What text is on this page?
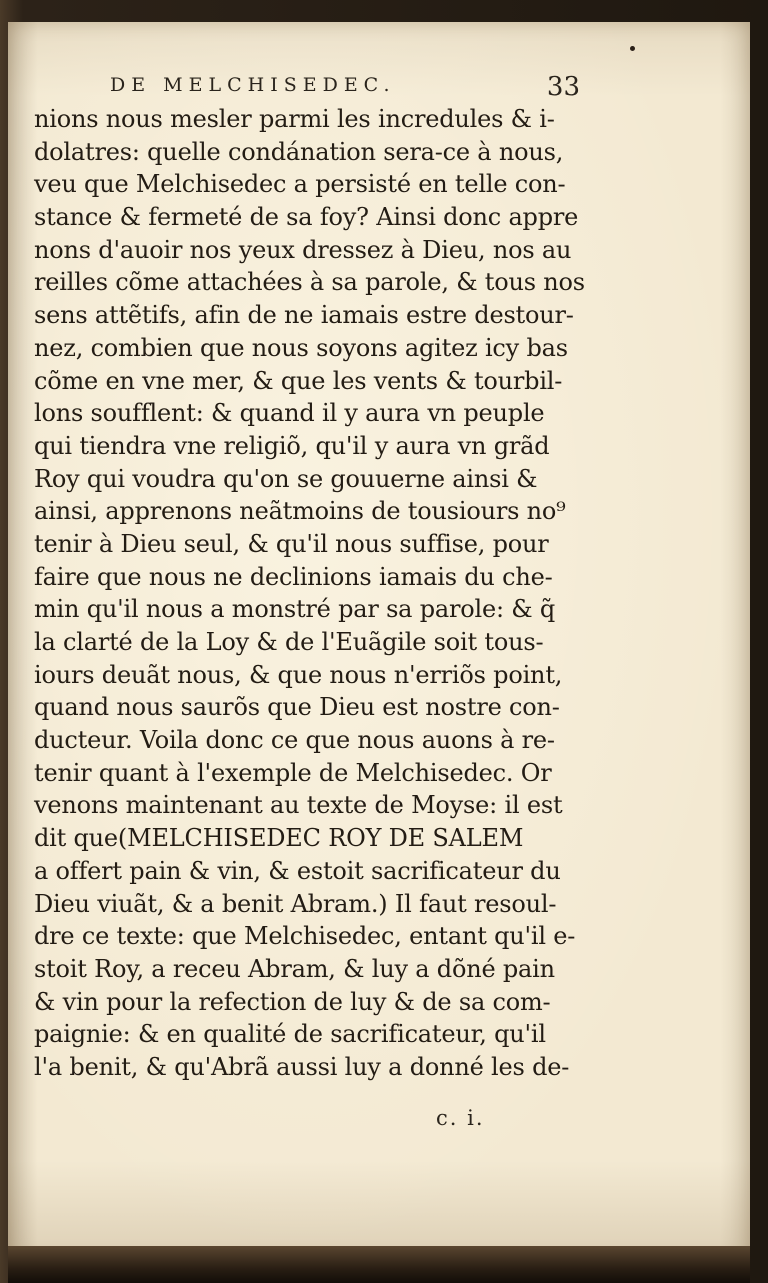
DE MELCHISEDEC.	33
nions nous mesler parmi les incredules & i-
dolatres: quelle condánation sera-ce à nous,
veu que Melchisedec a persisté en telle con-
stance & fermeté de sa foy? Ainsi donc appre
nons d'auoir nos yeux dressez à Dieu, nos au
reilles cõme attachées à sa parole, & tous nos
sens attẽtifs, afin de ne iamais estre destour-
nez, combien que nous soyons agitez icy bas
cõme en vne mer, & que les vents & tourbil-
lons soufflent: & quand il y aura vn peuple
qui tiendra vne religiõ, qu'il y aura vn grãd
Roy qui voudra qu'on se gouuerne ainsi &
ainsi, apprenons neãtmoins de tousiours no⁹
tenir à Dieu seul, & qu'il nous suffise, pour
faire que nous ne declinions iamais du che-
min qu'il nous a monstré par sa parole: & q̃
la clarté de la Loy & de l'Euãgile soit tous-
iours deuãt nous, & que nous n'erriõs point,
quand nous saurõs que Dieu est nostre con-
ducteur. Voila donc ce que nous auons à re-
tenir quant à l'exemple de Melchisedec. Or
venons maintenant au texte de Moyse: il est
dit que(MELCHISEDEC ROY DE SALEM
a offert pain & vin, & estoit sacrificateur du
Dieu viuãt, & a benit Abram.) Il faut resoul-
dre ce texte: que Melchisedec, entant qu'il e-
stoit Roy, a receu Abram, & luy a dõné pain
& vin pour la refection de luy & de sa com-
paignie: & en qualité de sacrificateur, qu'il
l'a benit, & qu'Abrã aussi luy a donné les de-
c. i.
